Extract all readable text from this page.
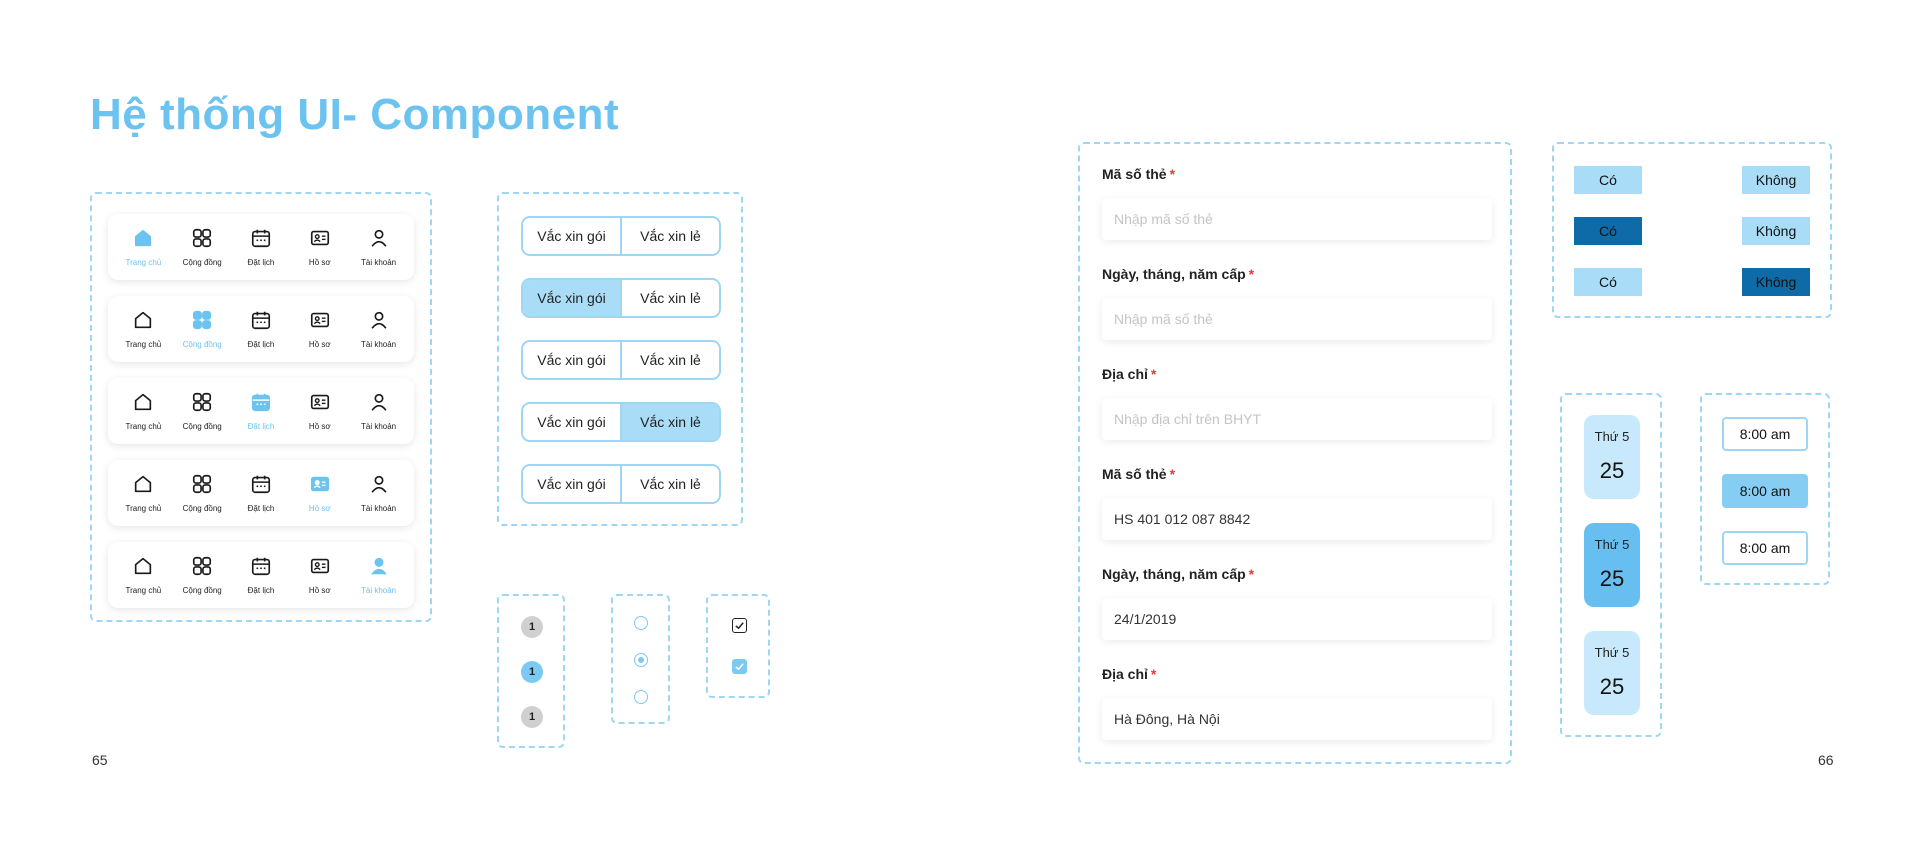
Hệ thống UI- Component
65	66
Trang chủ	Cộng đồng	Đặt lịch	Hồ sơ	Tài khoản
Trang chủ	Cộng đồng	Đặt lịch	Hồ sơ	Tài khoản
Trang chủ	Cộng đồng	Đặt lịch	Hồ sơ	Tài khoản
Trang chủ	Cộng đồng	Đặt lịch	Hồ sơ	Tài khoản
Trang chủ	Cộng đồng	Đặt lịch	Hồ sơ	Tài khoản
Vắc xin gói	Vắc xin lẻ
Vắc xin gói	Vắc xin lẻ
Vắc xin gói	Vắc xin lẻ
Vắc xin gói	Vắc xin lẻ
Vắc xin gói	Vắc xin lẻ
1
1
1
Mã số thẻ *
Nhập mã số thẻ
Ngày, tháng, năm cấp *
Nhập mã số thẻ
Địa chỉ *
Nhập địa chỉ trên BHYT
Mã số thẻ *
HS 401 012 087 8842
Ngày, tháng, năm cấp *
24/1/2019
Địa chỉ *
Hà Đông, Hà Nội
Có	Không
Có	Không
Có	Không
Thứ 5
25
Thứ 5
25
Thứ 5
25
8:00 am
8:00 am
8:00 am
